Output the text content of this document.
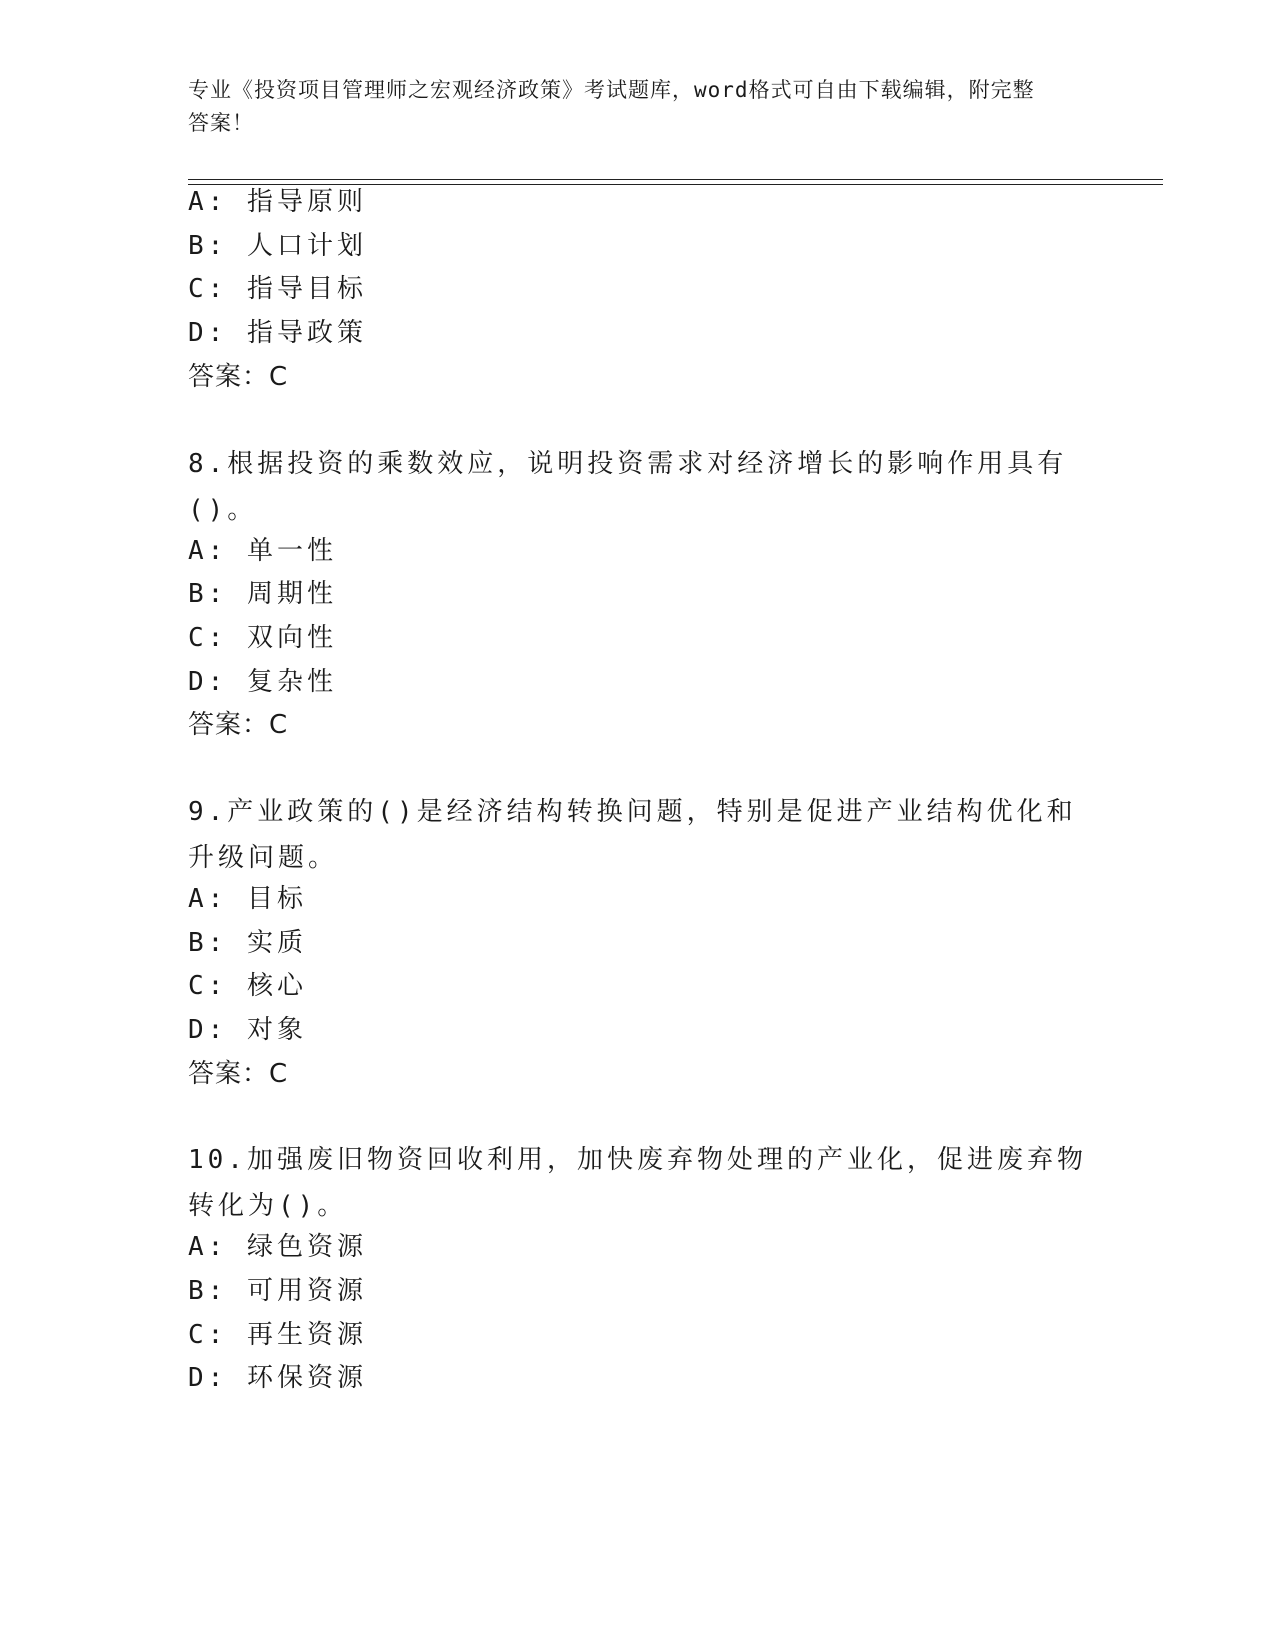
专业《投资项目管理师之宏观经济政策》考试题库，word格式可自由下载编辑，附完整答案！
A: 指导原则
B: 人口计划
C: 指导目标
D: 指导政策
答案：C
8.根据投资的乘数效应，说明投资需求对经济增长的影响作用具有()。
A: 单一性
B: 周期性
C: 双向性
D: 复杂性
答案：C
9.产业政策的()是经济结构转换问题，特别是促进产业结构优化和升级问题。
A: 目标
B: 实质
C: 核心
D: 对象
答案：C
10.加强废旧物资回收利用，加快废弃物处理的产业化，促进废弃物转化为()。
A: 绿色资源
B: 可用资源
C: 再生资源
D: 环保资源
